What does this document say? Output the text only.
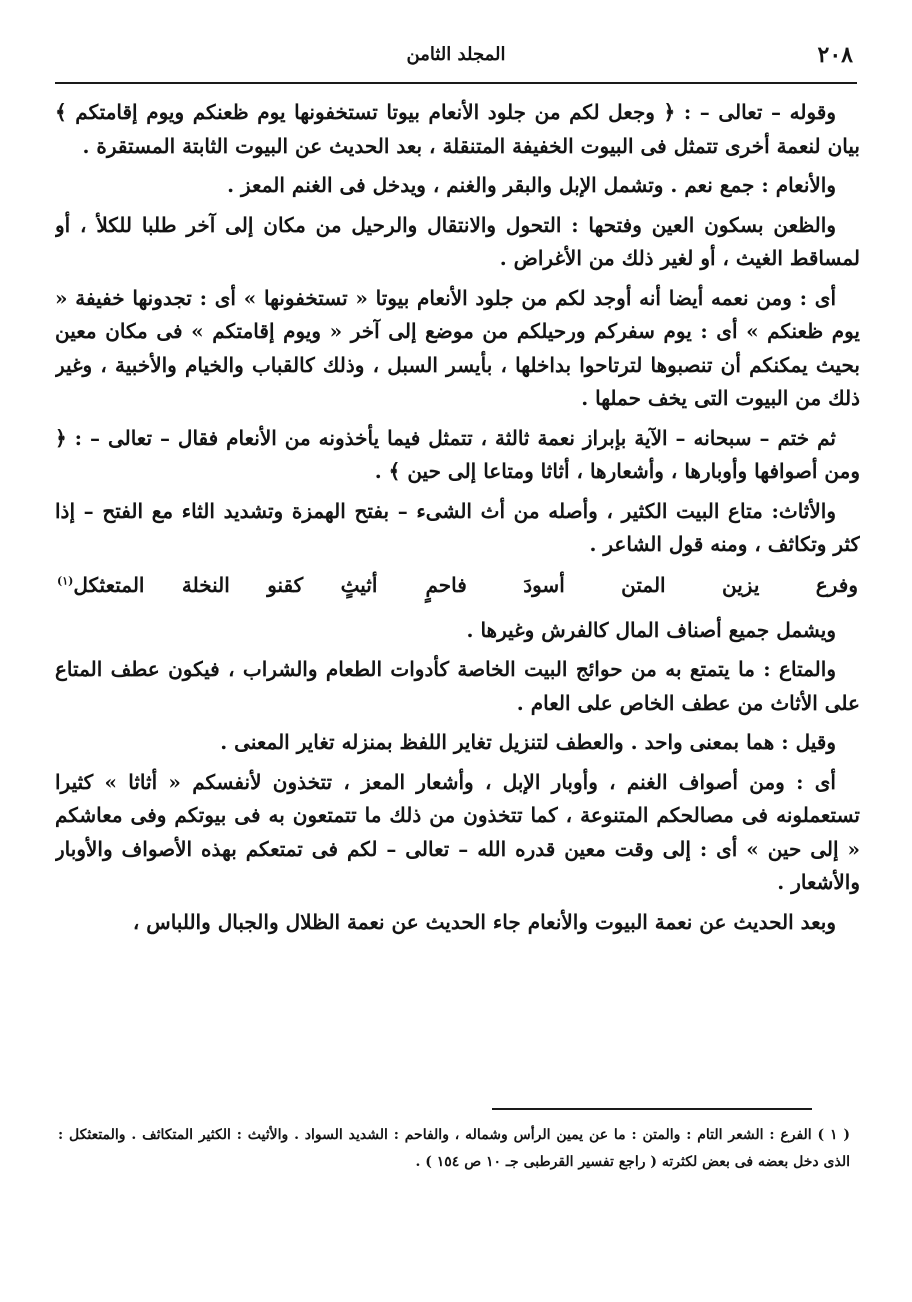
٢٠٨
المجلد الثامن

وقوله – تعالى – : ﴿ وجعل لكم من جلود الأنعام بيوتا تستخفونها يوم ظعنكم ويوم إقامتكم ﴾ بيان لنعمة أخرى تتمثل فى البيوت الخفيفة المتنقلة ، بعد الحديث عن البيوت الثابتة المستقرة .

والأنعام : جمع نعم . وتشمل الإبل والبقر والغنم ، ويدخل فى الغنم المعز .

والظعن بسكون العين وفتحها : التحول والانتقال والرحيل من مكان إلى آخر طلبا للكلأ ، أو لمساقط الغيث ، أو لغير ذلك من الأغراض .

أى : ومن نعمه أيضا أنه أوجد لكم من جلود الأنعام بيوتا « تستخفونها » أى : تجدونها خفيفة « يوم ظعنكم » أى : يوم سفركم ورحيلكم من موضع إلى آخر « ويوم إقامتكم » فى مكان معين بحيث يمكنكم أن تنصبوها لترتاحوا بداخلها ، بأيسر السبل ، وذلك كالقباب والخيام والأخبية ، وغير ذلك من البيوت التى يخف حملها .

ثم ختم – سبحانه – الآية بإبراز نعمة ثالثة ، تتمثل فيما يأخذونه من الأنعام فقال – تعالى – : ﴿ ومن أصوافها وأوبارها ، وأشعارها ، أثاثا ومتاعا إلى حين ﴾ .

والأثاث: متاع البيت الكثير ، وأصله من أث الشىء – بفتح الهمزة وتشديد الثاء مع الفتح – إذا كثر وتكاثف ، ومنه قول الشاعر .

وفرع يزين المتن أسودَ فاحمٍ
أثيثٍ كقنو النخلة المتعثكل$^{(١)}$

ويشمل جميع أصناف المال كالفرش وغيرها .

والمتاع : ما يتمتع به من حوائج البيت الخاصة كأدوات الطعام والشراب ، فيكون عطف المتاع على الأثاث من عطف الخاص على العام .

وقيل : هما بمعنى واحد . والعطف لتنزيل تغاير اللفظ بمنزله تغاير المعنى .

أى : ومن أصواف الغنم ، وأوبار الإبل ، وأشعار المعز ، تتخذون لأنفسكم « أثاثا » كثيرا تستعملونه فى مصالحكم المتنوعة ، كما تتخذون من ذلك ما تتمتعون به فى بيوتكم وفى معاشكم « إلى حين » أى : إلى وقت معين قدره الله – تعالى – لكم فى تمتعكم بهذه الأصواف والأوبار والأشعار .

وبعد الحديث عن نعمة البيوت والأنعام جاء الحديث عن نعمة الظلال والجبال واللباس ،

( ١ ) الفرع : الشعر التام : والمتن : ما عن يمين الرأس وشماله ، والفاحم : الشديد السواد . والأثيث : الكثير المتكاثف . والمتعثكل : الذى دخل بعضه فى بعض لكثرته ( راجع تفسير القرطبى جـ ١٠ ص ١٥٤ ) .
